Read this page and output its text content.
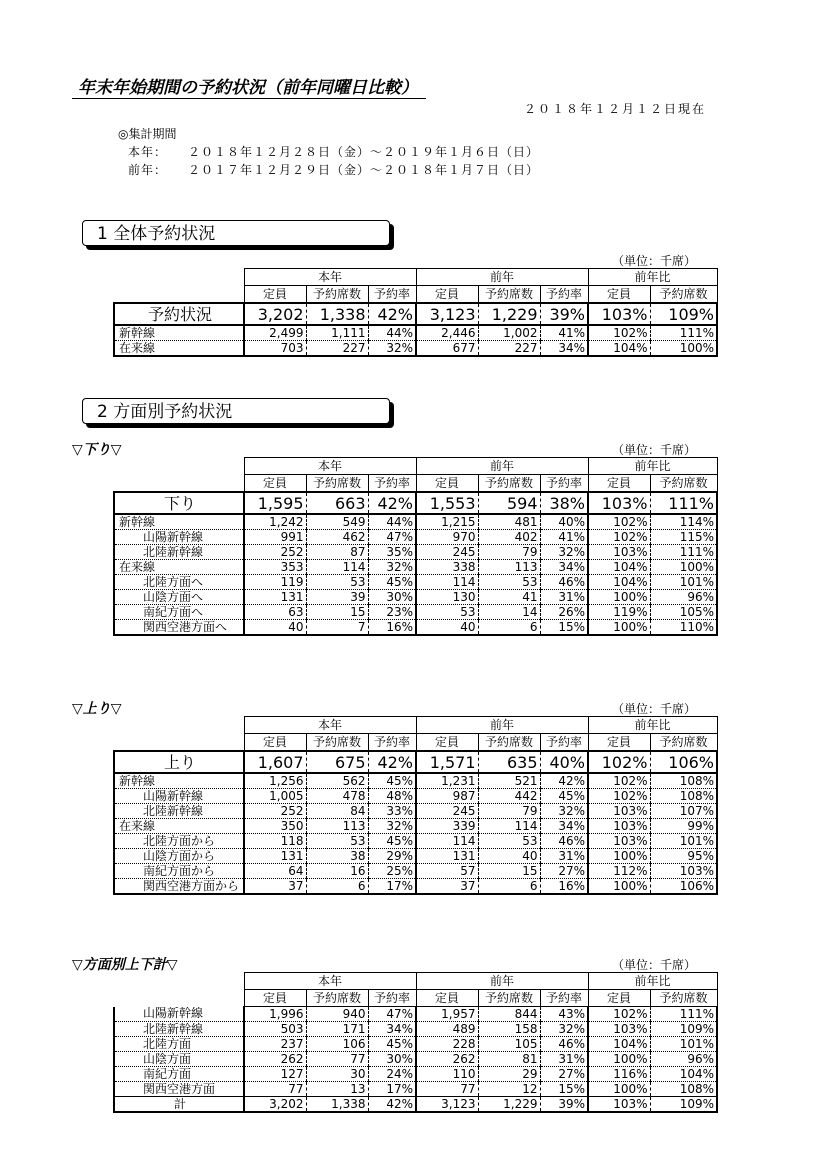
年末年始期間の予約状況（前年同曜日比較）
２０１８年１２月１２日現在
◎集計期間
本年： ２０１８年１２月２８日（金）～２０１９年１月６日（日）
前年： ２０１７年１２月２９日（金）～２０１８年１月７日（日）
1 全体予約状況
（単位：千席）
	本年			前年			前年比	
	定員	予約席数	予約率	定員	予約席数	予約率	定員	予約席数
予約状況	3,202	1,338	42%	3,123	1,229	39%	103%	109%
新幹線	2,499	1,111	44%	2,446	1,002	41%	102%	111%
在来線	703	227	32%	677	227	34%	104%	100%
2 方面別予約状況
▽下り▽	（単位：千席）
	本年			前年			前年比	
	定員	予約席数	予約率	定員	予約席数	予約率	定員	予約席数
下り	1,595	663	42%	1,553	594	38%	103%	111%
新幹線	1,242	549	44%	1,215	481	40%	102%	114%
山陽新幹線	991	462	47%	970	402	41%	102%	115%
北陸新幹線	252	87	35%	245	79	32%	103%	111%
在来線	353	114	32%	338	113	34%	104%	100%
北陸方面へ	119	53	45%	114	53	46%	104%	101%
山陰方面へ	131	39	30%	130	41	31%	100%	96%
南紀方面へ	63	15	23%	53	14	26%	119%	105%
関西空港方面へ	40	7	16%	40	6	15%	100%	110%
▽上り▽	（単位：千席）
	本年			前年			前年比	
	定員	予約席数	予約率	定員	予約席数	予約率	定員	予約席数
上り	1,607	675	42%	1,571	635	40%	102%	106%
新幹線	1,256	562	45%	1,231	521	42%	102%	108%
山陽新幹線	1,005	478	48%	987	442	45%	102%	108%
北陸新幹線	252	84	33%	245	79	32%	103%	107%
在来線	350	113	32%	339	114	34%	103%	99%
北陸方面から	118	53	45%	114	53	46%	103%	101%
山陰方面から	131	38	29%	131	40	31%	100%	95%
南紀方面から	64	16	25%	57	15	27%	112%	103%
関西空港方面から	37	6	17%	37	6	16%	100%	106%
▽方面別上下計▽	（単位：千席）
	本年			前年			前年比	
	定員	予約席数	予約率	定員	予約席数	予約率	定員	予約席数
山陽新幹線	1,996	940	47%	1,957	844	43%	102%	111%
北陸新幹線	503	171	34%	489	158	32%	103%	109%
北陸方面	237	106	45%	228	105	46%	104%	101%
山陰方面	262	77	30%	262	81	31%	100%	96%
南紀方面	127	30	24%	110	29	27%	116%	104%
関西空港方面	77	13	17%	77	12	15%	100%	108%
計	3,202	1,338	42%	3,123	1,229	39%	103%	109%
